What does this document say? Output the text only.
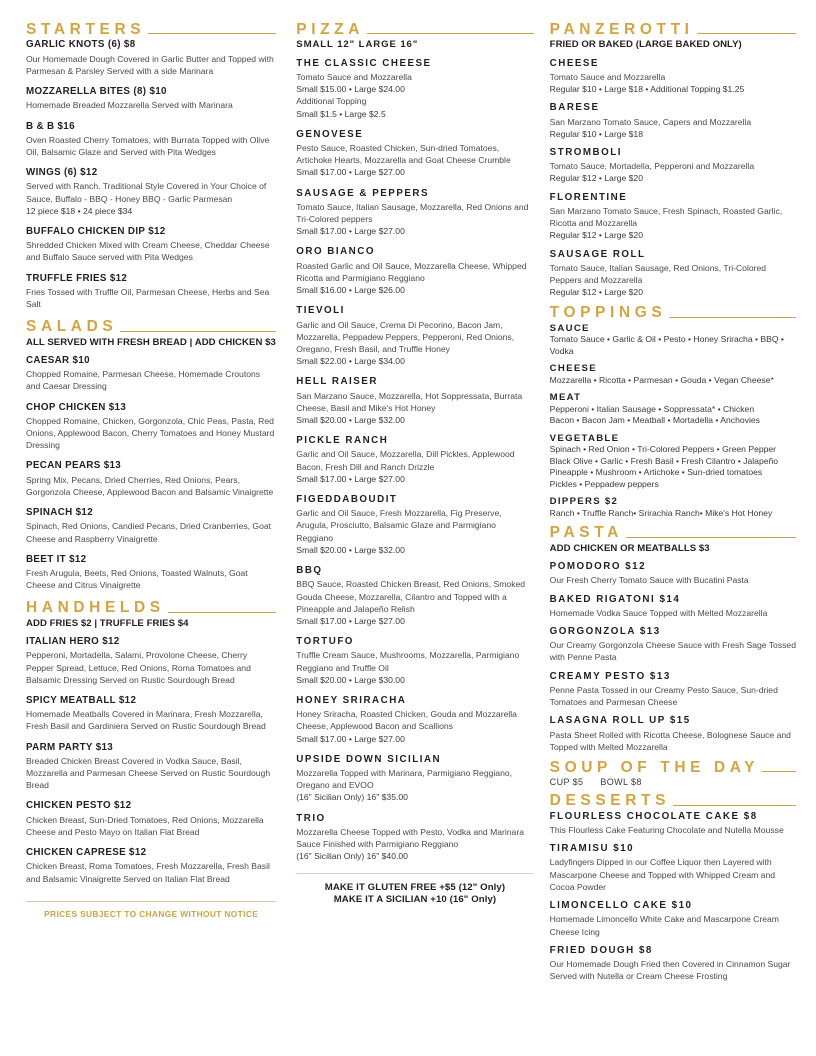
STARTERS
GARLIC KNOTS (6) $8
Our Homemade Dough Covered in Garlic Butter and Topped with Parmesan & Parsley Served with a side Marinara
MOZZARELLA BITES (8) $10
Homemade Breaded Mozzarella Served with Marinara
B & B $16
Oven Roasted Cherry Tomatoes, with Burrata Topped with Olive Oil, Balsamic Glaze and Served with Pita Wedges
WINGS (6) $12
Served with Ranch. Traditional Style Covered in Your Choice of Sauce, Buffalo - BBQ - Honey BBQ - Garlic Parmesan
12 piece $18 • 24 piece $34
BUFFALO CHICKEN DIP $12
Shredded Chicken Mixed with Cream Cheese, Cheddar Cheese and Buffalo Sauce served with Pita Wedges
TRUFFLE FRIES $12
Fries Tossed with Truffle Oil, Parmesan Cheese, Herbs and Sea Salt
SALADS
ALL SERVED WITH FRESH BREAD | ADD CHICKEN $3
CAESAR $10
Chopped Romaine, Parmesan Cheese, Homemade Croutons and Caesar Dressing
CHOP CHICKEN $13
Chopped Romaine, Chicken, Gorgonzola, Chic Peas, Pasta, Red Onions, Applewood Bacon, Cherry Tomatoes and Honey Mustard Dressing
PECAN PEARS $13
Spring Mix, Pecans, Dried Cherries, Red Onions, Pears, Gorgonzola Cheese, Applewood Bacon and Balsamic Vinaigrette
SPINACH $12
Spinach, Red Onions, Candied Pecans, Dried Cranberries, Goat Cheese and Raspberry Vinaigrette
BEET IT $12
Fresh Arugula, Beets, Red Onions, Toasted Walnuts, Goat Cheese and Citrus Vinaigrette
HANDHELDS
ADD FRIES $2 | TRUFFLE FRIES $4
ITALIAN HERO $12
Pepperoni, Mortadella, Salami, Provolone Cheese, Cherry Pepper Spread, Lettuce, Red Onions, Roma Tomatoes and Balsamic Dressing Served on Rustic Sourdough Bread
SPICY MEATBALL $12
Homemade Meatballs Covered in Marinara, Fresh Mozzarella, Fresh Basil and Gardiniera Served on Rustic Sourdough Bread
PARM PARTY $13
Breaded Chicken Breast Covered in Vodka Sauce, Basil, Mozzarella and Parmesan Cheese Served on Rustic Sourdough Bread
CHICKEN PESTO $12
Chicken Breast, Sun-Dried Tomatoes, Red Onions, Mozzarella Cheese and Pesto Mayo on Italian Flat Bread
CHICKEN CAPRESE $12
Chicken Breast, Roma Tomatoes, Fresh Mozzarella, Fresh Basil and Balsamic Vinaigrette Served on Italian Flat Bread
PRICES SUBJECT TO CHANGE WITHOUT NOTICE
PIZZA
SMALL 12" LARGE 16"
THE CLASSIC CHEESE
Tomato Sauce and Mozzarella
Small $15.00 • Large $24.00
Additional Topping
Small $1.5 • Large $2.5
GENOVESE
Pesto Sauce, Roasted Chicken, Sun-dried Tomatoes, Artichoke Hearts, Mozzarella and Goat Cheese Crumble
Small $17.00 • Large $27.00
SAUSAGE & PEPPERS
Tomato Sauce, Italian Sausage, Mozzarella, Red Onions and Tri-Colored peppers
Small $17.00 • Large $27.00
ORO BIANCO
Roasted Garlic and Oil Sauce, Mozzarella Cheese, Whipped Ricotta and Parmigiano Reggiano
Small $16.00 • Large $26.00
TIEVOLI
Garlic and Oil Sauce, Crema Di Pecorino, Bacon Jam, Mozzarella, Peppadew Peppers, Pepperoni, Red Onions, Oregano, Fresh Basil, and Truffle Honey
Small $22.00 • Large $34.00
HELL RAISER
San Marzano Sauce, Mozzarella, Hot Soppressata, Burrata Cheese, Basil and Mike's Hot Honey
Small $20.00 • Large $32.00
PICKLE RANCH
Garlic and Oil Sauce, Mozzarella, Dill Pickles, Applewood Bacon, Fresh Dill and Ranch Drizzle
Small $17.00 • Large $27.00
FIGEDDABOUDIT
Garlic and Oil Sauce, Fresh Mozzarella, Fig Preserve, Arugula, Prosciutto, Balsamic Glaze and Parmigiano Reggiano
Small $20.00 • Large $32.00
BBQ
BBQ Sauce, Roasted Chicken Breast, Red Onions, Smoked Gouda Cheese, Mozzarella, Cilantro and Topped with a Pineapple and Jalapeño Relish
Small $17.00 • Large $27.00
TORTUFO
Truffle Cream Sauce, Mushrooms, Mozzarella, Parmigiano Reggiano and Truffle Oil
Small $20.00 • Large $30.00
HONEY SRIRACHA
Honey Sriracha, Roasted Chicken, Gouda and Mozzarella Cheese, Applewood Bacon and Scallions
Small $17.00 • Large $27.00
UPSIDE DOWN SICILIAN
Mozzarella Topped with Marinara, Parmigiano Reggiano, Oregano and EVOO
(16" Sicilian Only) 16" $35.00
TRIO
Mozzarella Cheese Topped with Pesto, Vodka and Marinara Sauce Finished with Parmigiano Reggiano
(16" Sicilian Only) 16" $40.00
MAKE IT GLUTEN FREE +$5 (12" Only)
MAKE IT A SICILIAN +10 (16" Only)
PANZEROTTI
FRIED OR BAKED (LARGE BAKED ONLY)
CHEESE
Tomato Sauce and Mozzarella
Regular $10 • Large $18 • Additional Topping $1.25
BARESE
San Marzano Tomato Sauce, Capers and Mozzarella
Regular $10 • Large $18
STROMBOLI
Tomato Sauce, Mortadella, Pepperoni and Mozzarella
Regular $12 • Large $20
FLORENTINE
San Marzano Tomato Sauce, Fresh Spinach, Roasted Garlic, Ricotta and Mozzarella
Regular $12 • Large $20
SAUSAGE ROLL
Tomato Sauce, Italian Sausage, Red Onions, Tri-Colored Peppers and Mozzarella
Regular $12 • Large $20
TOPPINGS
SAUCE
Tomato Sauce • Garlic & Oil • Pesto • Honey Sriracha • BBQ • Vodka
CHEESE
Mozzarella • Ricotta • Parmesan • Gouda • Vegan Cheese*
MEAT
Pepperoni • Italian Sausage • Soppressata* • Chicken
Bacon • Bacon Jam • Meatball • Mortadella • Anchovies
VEGETABLE
Spinach • Red Onion • Tri-Colored Peppers • Green Pepper
Black Olive • Garlic • Fresh Basil • Fresh Cilantro • Jalapeño
Pineapple • Mushroom • Artichoke • Sun-dried tomatoes
Pickles • Peppadew peppers
DIPPERS $2
Ranch • Truffle Ranch• Srirachia Ranch• Mike's Hot Honey
PASTA
ADD CHICKEN OR MEATBALLS $3
POMODORO $12
Our Fresh Cherry Tomato Sauce with Bucatini Pasta
BAKED RIGATONI $14
Homemade Vodka Sauce Topped with Melted Mozzarella
GORGONZOLA $13
Our Creamy Gorgonzola Cheese Sauce with Fresh Sage Tossed with Penne Pasta
CREAMY PESTO $13
Penne Pasta Tossed in our Creamy Pesto Sauce, Sun-dried Tomatoes and Parmesan Cheese
LASAGNA ROLL UP $15
Pasta Sheet Rolled with Ricotta Cheese, Bolognese Sauce and Topped with Melted Mozzarella
SOUP OF THE DAY
CUP $5 BOWL $8
DESSERTS
FLOURLESS CHOCOLATE CAKE $8
This Flourless Cake Featuring Chocolate and Nutella Mousse
TIRAMISU $10
Ladyfingers Dipped in our Coffee Liquor then Layered with Mascarpone Cheese and Topped with Whipped Cream and Cocoa Powder
LIMONCELLO CAKE $10
Homemade Limoncello White Cake and Mascarpone Cream Cheese Icing
FRIED DOUGH $8
Our Homemade Dough Fried then Covered in Cinnamon Sugar Served with Nutella or Cream Cheese Frosting
